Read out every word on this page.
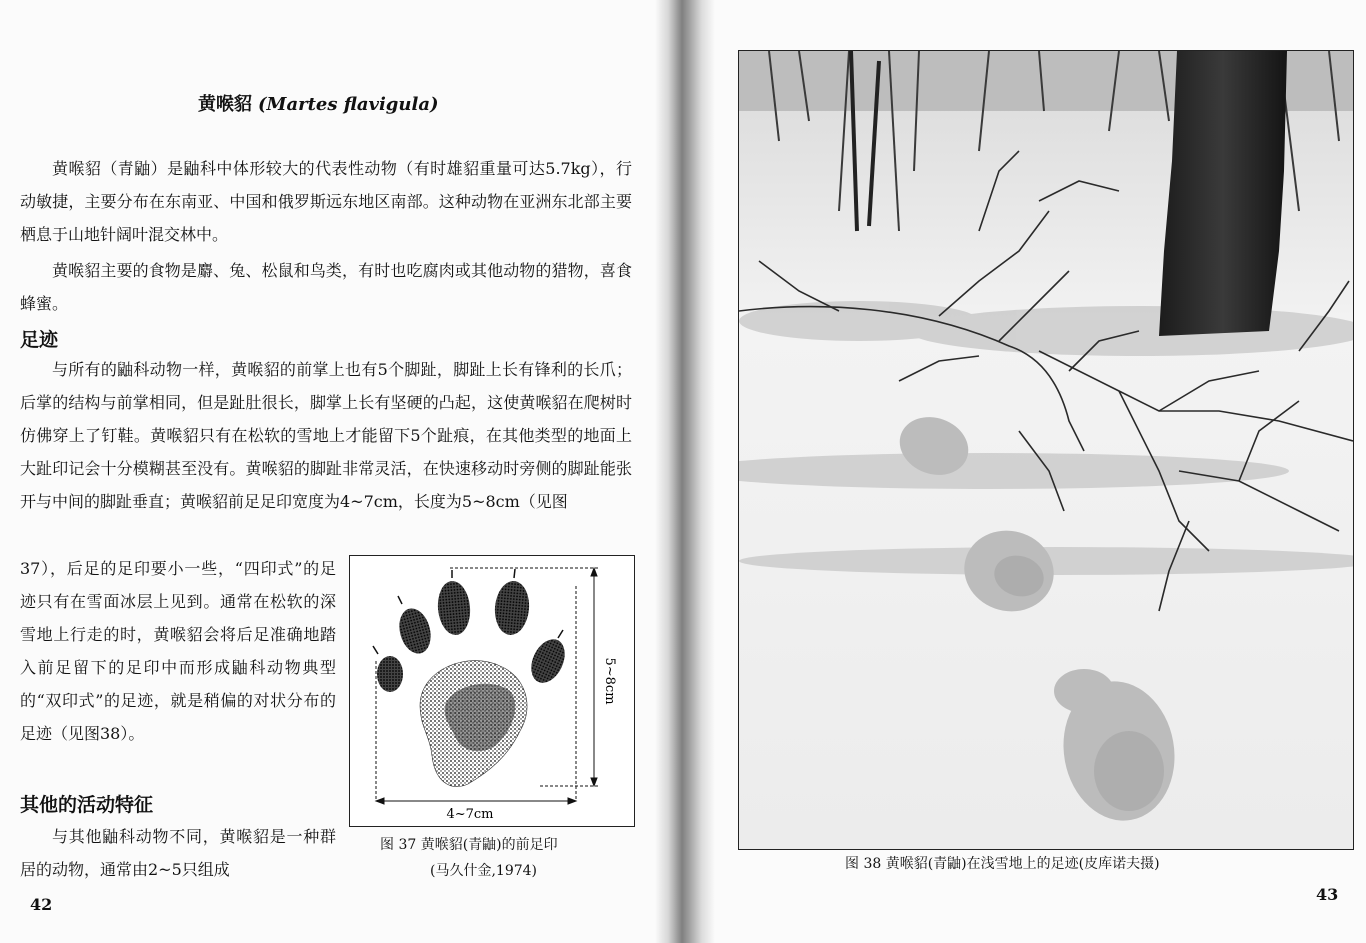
黄喉貂 (Martes flavigula)

黄喉貂（青鼬）是鼬科中体形较大的代表性动物（有时雄貂重量可达5.7kg），行动敏捷，主要分布在东南亚、中国和俄罗斯远东地区南部。这种动物在亚洲东北部主要栖息于山地针阔叶混交林中。

黄喉貂主要的食物是麝、兔、松鼠和鸟类，有时也吃腐肉或其他动物的猎物，喜食蜂蜜。

足迹

与所有的鼬科动物一样，黄喉貂的前掌上也有5个脚趾，脚趾上长有锋利的长爪；后掌的结构与前掌相同，但是趾肚很长，脚掌上长有坚硬的凸起，这使黄喉貂在爬树时仿佛穿上了钉鞋。黄喉貂只有在松软的雪地上才能留下5个趾痕，在其他类型的地面上大趾印记会十分模糊甚至没有。黄喉貂的脚趾非常灵活，在快速移动时旁侧的脚趾能张开与中间的脚趾垂直；黄喉貂前足足印宽度为4~7cm，长度为5~8cm（见图

37），后足的足印要小一些，“四印式”的足迹只有在雪面冰层上见到。通常在松软的深雪地上行走的时，黄喉貂会将后足准确地踏入前足留下的足印中而形成鼬科动物典型的“双印式”的足迹，就是稍偏的对状分布的足迹（见图38）。

其他的活动特征

与其他鼬科动物不同，黄喉貂是一种群居的动物，通常由2~5只组成

4~7cm
5~8cm
图 37 黄喉貂(青鼬)的前足印
(马久什金,1974)
42
图 38 黄喉貂(青鼬)在浅雪地上的足迹(皮库诺夫摄)
43
